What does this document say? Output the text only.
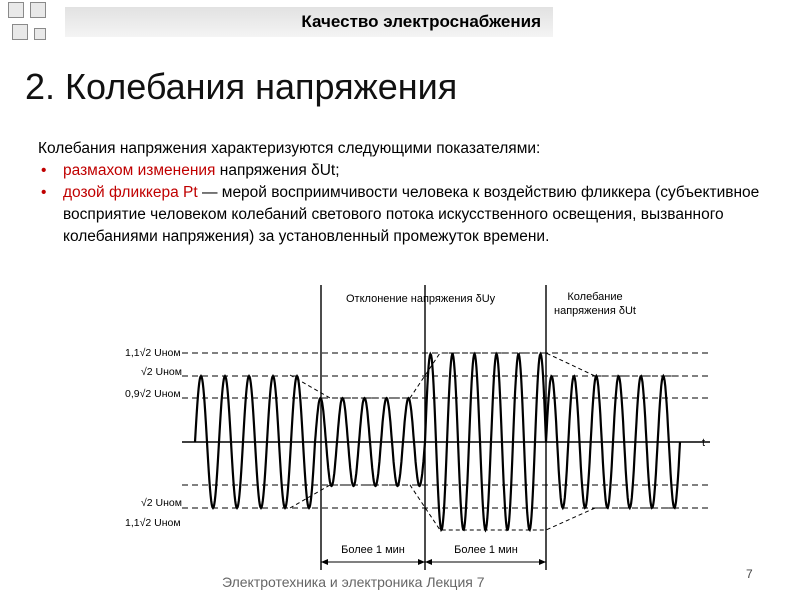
Качество электроснабжения
2. Колебания напряжения

Колебания напряжения характеризуются следующими показателями:

• размахом изменения напряжения δUt;

• дозой фликкера Pt — мерой восприимчивости человека к воздействию фликкера (субъективное восприятие человеком колебаний светового потока искусственного освещения, вызванного колебаниями напряжения) за установленный промежуток времени.

t
1,1√2 Uном
√2 Uном
0,9√2 Uном
√2 Uном
1,1√2 Uном
Отклонение напряжения δUy	Колебание
напряжения δUt
Более 1 мин	Более 1 мин
Электротехника и электроника Лекция 7	7
